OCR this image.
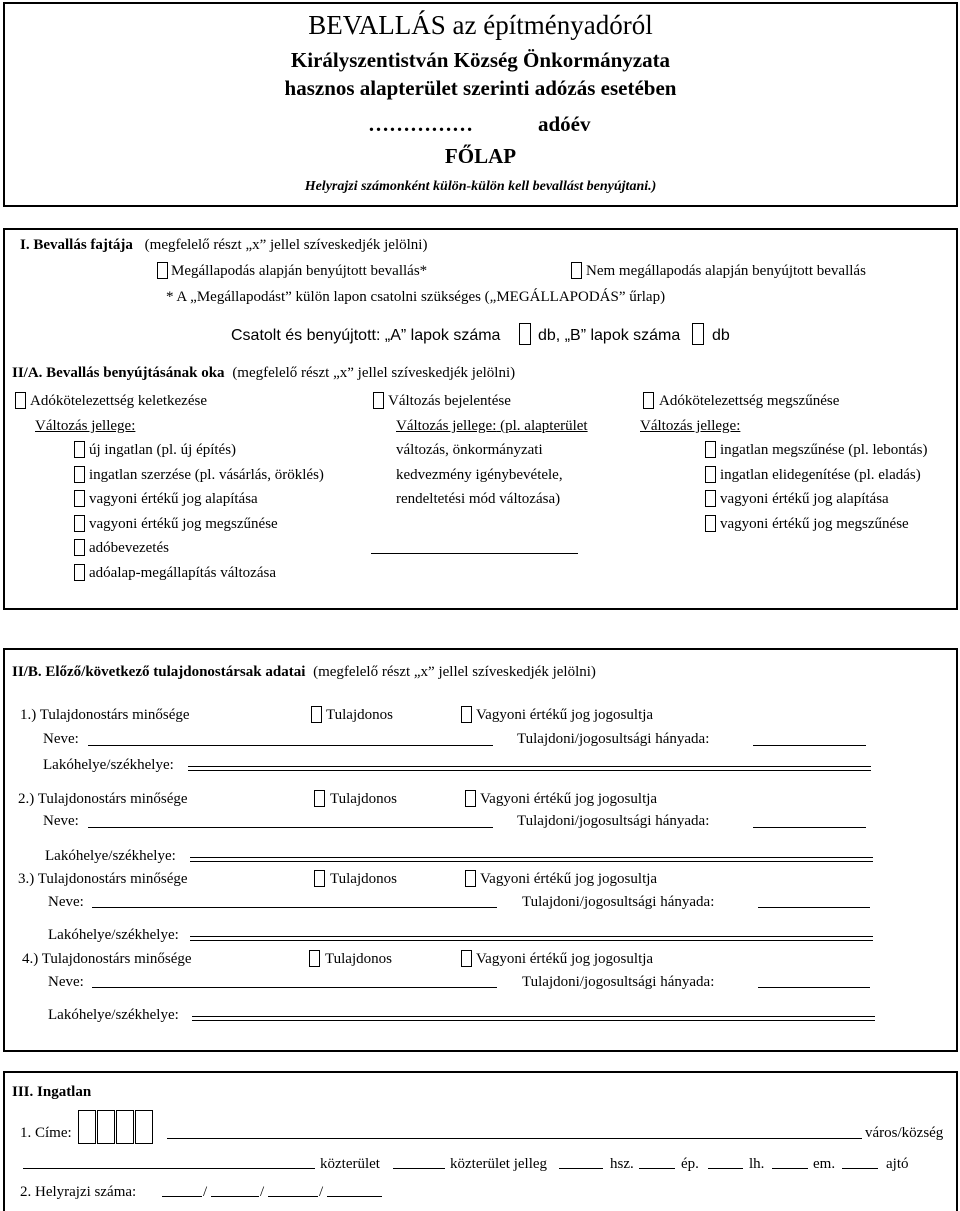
BEVALLÁS az építményadóról
Királyszentistván Község Önkormányzata
hasznos alapterület szerinti adózás esetében
……………	adóév
FŐLAP
Helyrajzi számonként külön-külön kell bevallást benyújtani.)
I. Bevallás fajtája (megfelelő részt „x” jellel szíveskedjék jelölni)
Megállapodás alapján benyújtott bevallás*	Nem megállapodás alapján benyújtott bevallás
* A „Megállapodást” külön lapon csatolni szükséges („MEGÁLLAPODÁS” űrlap)
Csatolt és benyújtott: „A” lapok száma db, „B” lapok száma db
II/A. Bevallás benyújtásának oka (megfelelő részt „x” jellel szíveskedjék jelölni)
Adókötelezettség keletkezése
Változás jellege:
új ingatlan (pl. új építés)
ingatlan szerzése (pl. vásárlás, öröklés)
vagyoni értékű jog alapítása
vagyoni értékű jog megszűnése
adóbevezetés
adóalap-megállapítás változása
Változás bejelentése
Változás jellege: (pl. alapterület
változás, önkormányzati
kedvezmény igénybevétele,
rendeltetési mód változása)
Adókötelezettség megszűnése
Változás jellege:
ingatlan megszűnése (pl. lebontás)
ingatlan elidegenítése (pl. eladás)
vagyoni értékű jog alapítása
vagyoni értékű jog megszűnése
II/B. Előző/következő tulajdonostársak adatai (megfelelő részt „x” jellel szíveskedjék jelölni)
1.) Tulajdonostárs minősége	Tulajdonos	Vagyoni értékű jog jogosultja
Neve:	Tulajdoni/jogosultsági hányada:
Lakóhelye/székhelye:
2.) Tulajdonostárs minősége	Tulajdonos	Vagyoni értékű jog jogosultja
Neve:	Tulajdoni/jogosultsági hányada:
Lakóhelye/székhelye:
3.) Tulajdonostárs minősége	Tulajdonos	Vagyoni értékű jog jogosultja
Neve:	Tulajdoni/jogosultsági hányada:
Lakóhelye/székhelye:
4.) Tulajdonostárs minősége	Tulajdonos	Vagyoni értékű jog jogosultja
Neve:	Tulajdoni/jogosultsági hányada:
Lakóhelye/székhelye:
III. Ingatlan
1. Címe:	város/község
közterület	közterület jelleg	hsz.	ép.	lh.	em.	ajtó
2. Helyrajzi száma:	/	/	/
